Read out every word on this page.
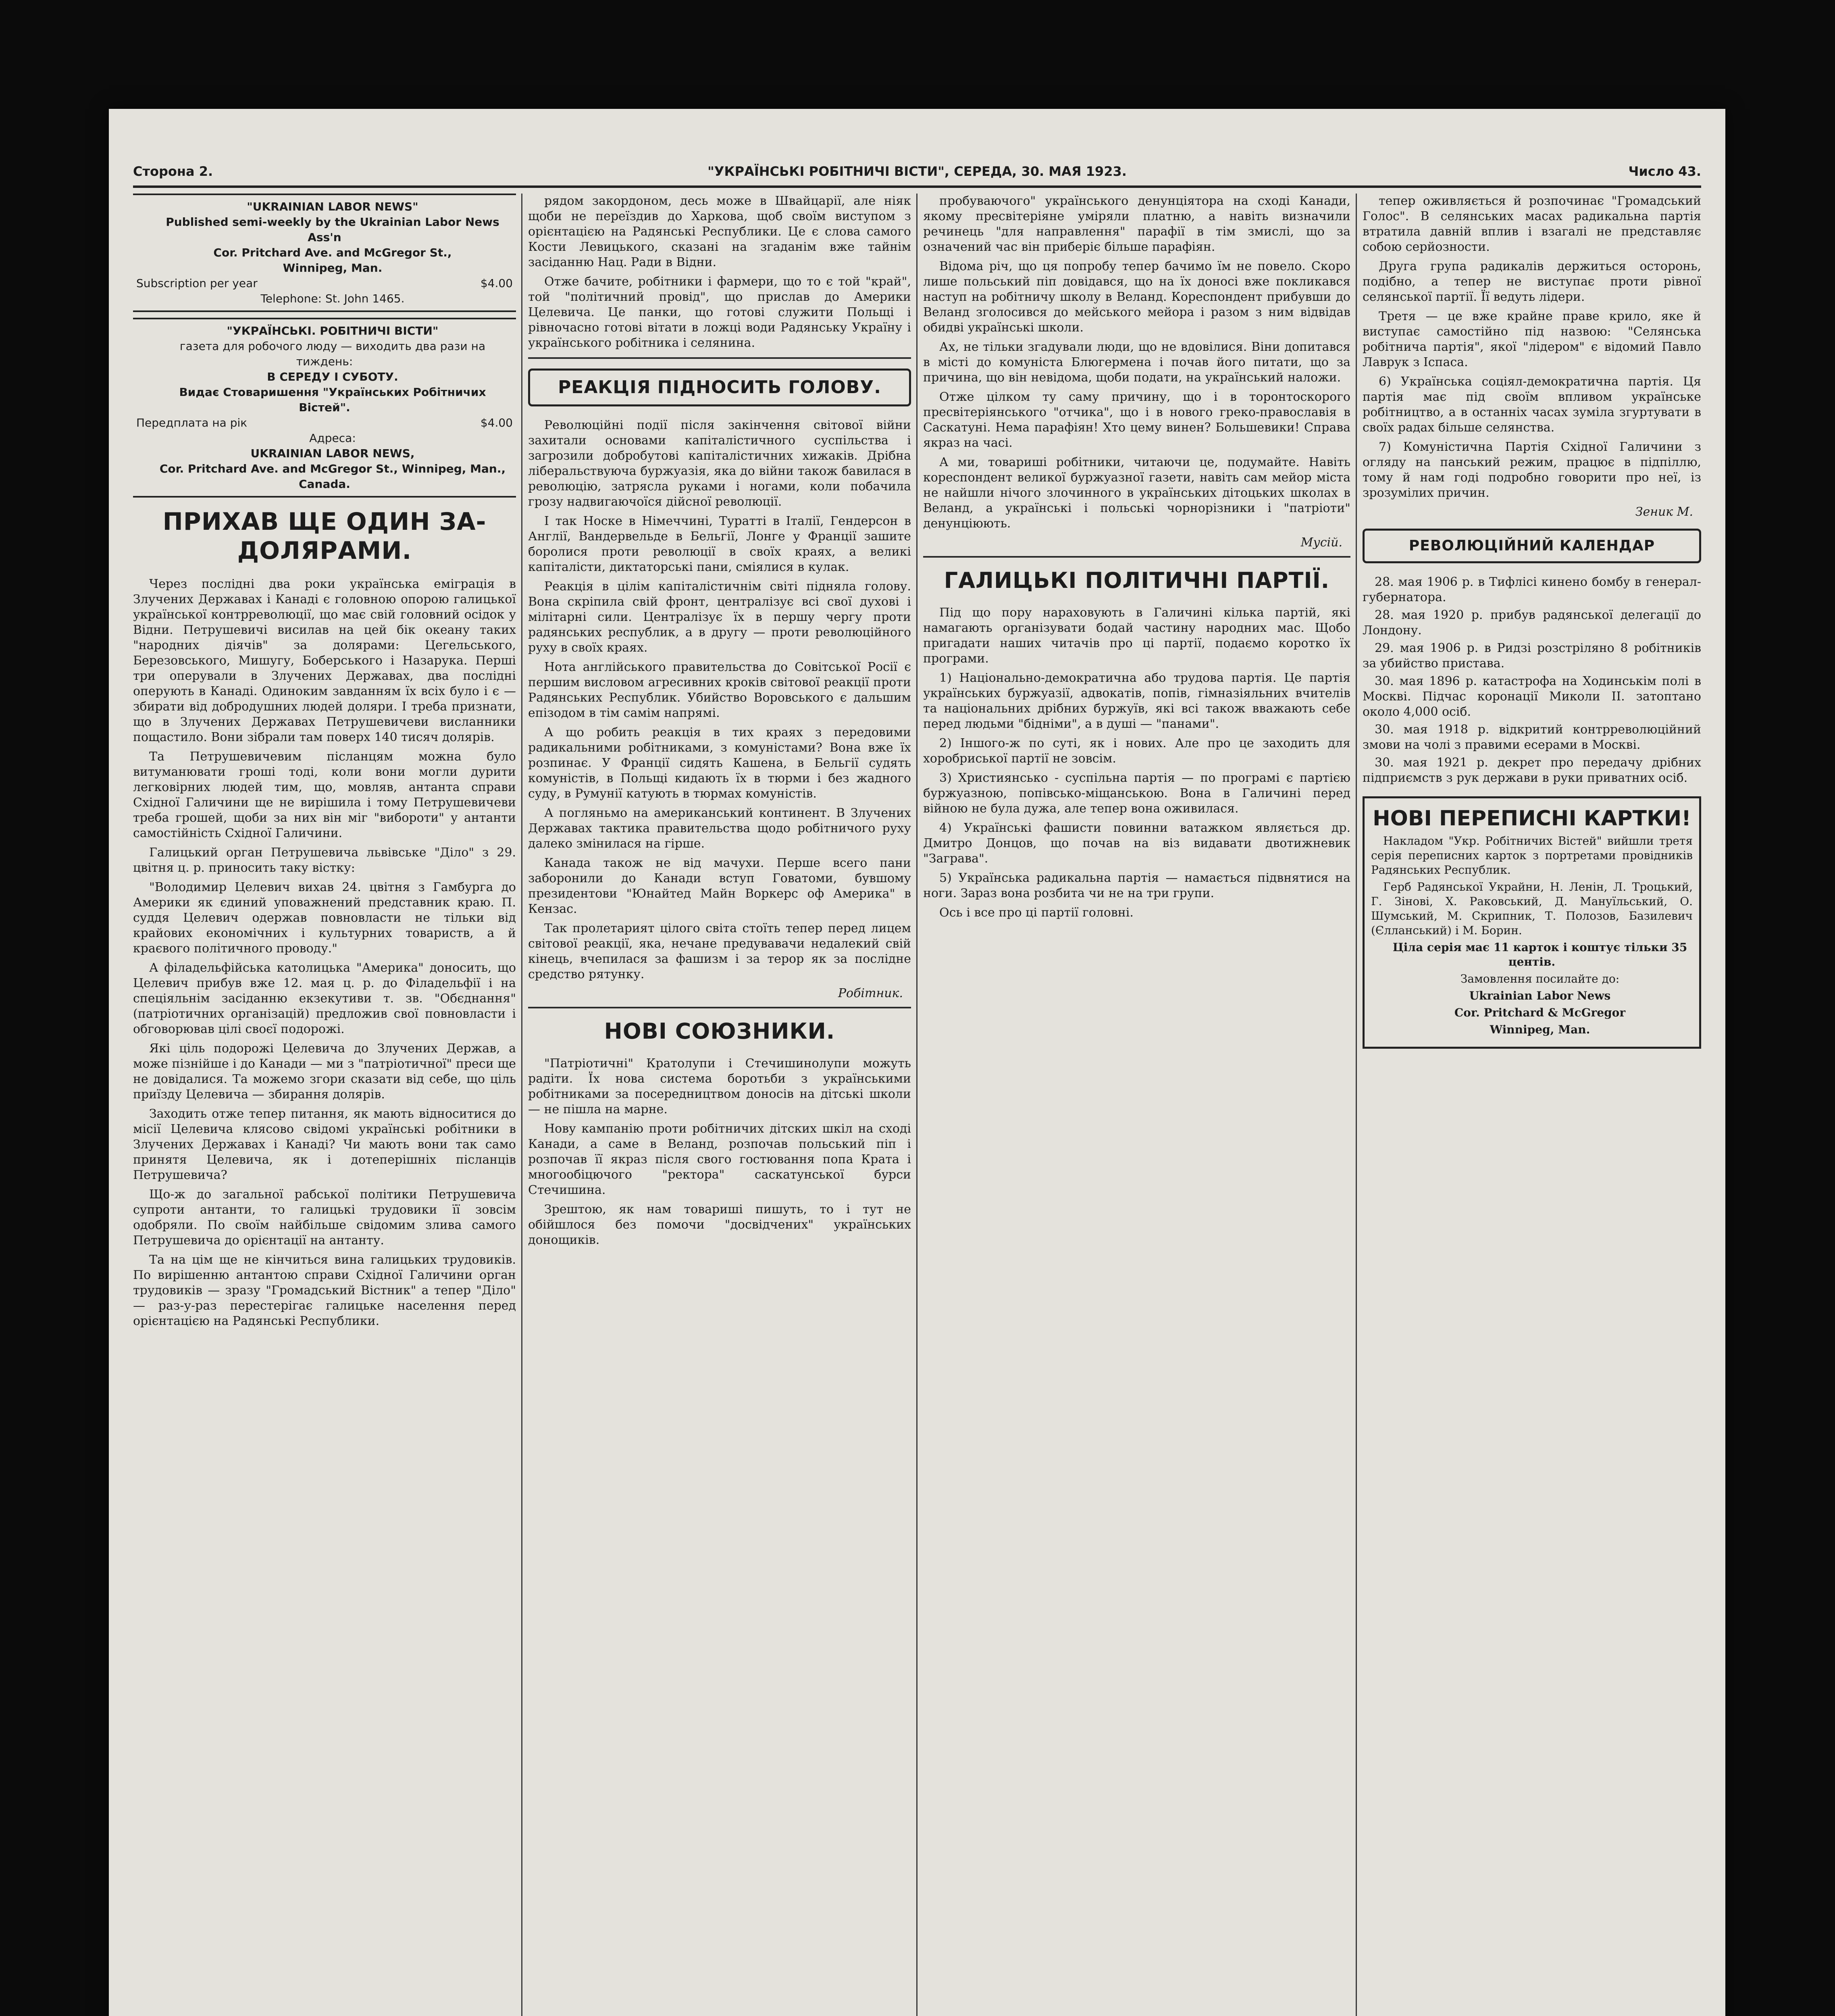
Сторона 2.	"УКРАЇНСЬКІ РОБІТНИЧІ ВІСТИ", СЕРЕДА, 30. МАЯ 1923.	Число 43.

"UKRAINIAN LABOR NEWS"

Published semi-weekly by the Ukrainian Labor News Ass'n

Cor. Pritchard Ave. and McGregor St.,

Winnipeg, Man.

Subscription per year	$4.00

Telephone: St. John 1465.

"УКРАЇНСЬКІ. РОБІТНИЧІ ВІСТИ"

газета для робочого люду — виходить два рази на тиждень:

В СЕРЕДУ І СУБОТУ.

Видає Стоваришення "Українських Робітничих Вістей".

Передплата на рік	$4.00

Адреса:

UKRAINIAN LABOR NEWS,

Cor. Pritchard Ave. and McGregor St., Winnipeg, Man., Canada.

ПРИХАВ ЩЕ ОДИН ЗА-ДОЛЯРАМИ.

Через послідні два роки українська еміграція в Злучених Державах і Канаді є головною опорою галицької української контрреволюції, що має свій головний осідок у Відни. Петрушевичі висилав на цей бік океану таких "народних діячів" за долярами: Цегельського, Березовського, Мишугу, Боберського і Назарука. Перші три оперували в Злучених Державах, два послідні оперують в Канаді. Одиноким завданням їх всіх було і є — збирати від добродушних людей доляри. І треба признати, що в Злучених Державах Петрушевичеви висланники пощастило. Вони зібрали там поверх 140 тисяч долярів.

Та Петрушевичевим післанцям можна було витуманювати гроші тоді, коли вони могли дурити легковірних людей тим, що, мовляв, антанта справи Східної Галичини ще не вирішила і тому Петрушевичеви треба грошей, щоби за них він міг "вибороти" у антанти самостійність Східної Галичини.

Галицький орган Петрушевича львівське "Діло" з 29. цвітня ц. р. приносить таку вістку:

"Володимир Целевич вихав 24. цвітня з Гамбурга до Америки як єдиний уповажнений представник краю. П. суддя Целевич одержав повновласти не тільки від крайових економічних і культурних товариств, а й краєвого політичного проводу."

А філадельфійська католицька "Америка" доносить, що Целевич прибув вже 12. мая ц. р. до Філадельфії і на спеціяльнім засіданню екзекутиви т. зв. "Обєднання" (патріотичних організацій) предложив свої повновласти і обговорював цілі своєї подорожі.

Які ціль подорожі Целевича до Злучених Держав, а може пізнійше і до Канади — ми з "патріотичної" преси ще не довідалися. Та можемо згори сказати від себе, що ціль приїзду Целевича — збирання долярів.

Заходить отже тепер питання, як мають відноситися до місії Целевича клясово свідомі українські робітники в Злучених Державах і Канаді? Чи мають вони так само принятя Целевича, як і дотеперішніх післанців Петрушевича?

Що-ж до загальної рабської політики Петрушевича супроти антанти, то галицькі трудовики її зовсім одобряли. По своїм найбільше свідомим злива самого Петрушевича до орієнтації на антанту.

Та на цім ще не кінчиться вина галицьких трудовиків. По вирішенню антантою справи Східної Галичини орган трудовиків — зразу "Громадський Вістник" а тепер "Діло" — раз-у-раз перестерігає галицьке населення перед орієнтацією на Радянські Республики.

рядом закордоном, десь може в Швайцарії, але ніяк щоби не переїздив до Харкова, щоб своїм виступом з орієнтацією на Радянські Республики. Це є слова самого Кости Левицького, сказані на згаданім вже тайнім засіданню Нац. Ради в Відни.

Отже бачите, робітники і фармери, що то є той "край", той "політичний провід", що прислав до Америки Целевича. Це панки, що готові служити Польщі і рівночасно готові вітати в ложці води Радянську Україну і українського робітника і селянина.

РЕАКЦІЯ ПІДНОСИТЬ ГОЛОВУ.

Революційні події після закінчення світової війни захитали основами капіталістичного суспільства і загрозили добробутові капіталістичних хижаків. Дрібна ліберальствуюча буржуазія, яка до війни також бавилася в революцію, затрясла руками і ногами, коли побачила грозу надвигаючоїся дійсної революції.

І так Носке в Німеччині, Туратті в Італії, Гендерсон в Англії, Вандервельде в Бельгії, Лонге у Франції зашите боролися проти революції в своїх краях, а великі капіталісти, диктаторські пани, сміялися в кулак.

Реакція в цілім капіталістичнім світі підняла голову. Вона скріпила свій фронт, централізує всі свої духові і мілітарні сили. Централізує їх в першу чергу проти радянських республик, а в другу — проти революційного руху в своїх краях.

Нота англійського правительства до Совітської Росії є першим висловом агресивних кроків світової реакції проти Радянських Республик. Убийство Воровського є дальшим епізодом в тім самім напрямі.

А що робить реакція в тих краях з передовими радикальними робітниками, з комуністами? Вона вже їх розпинає. У Франції сидять Кашена, в Бельгії судять комуністів, в Польщі кидають їх в тюрми і без жадного суду, в Румунії катують в тюрмах комуністів.

А погляньмо на американський континент. В Злучених Державах тактика правительства щодо робітничого руху далеко змінилася на гірше.

Канада також не від мачухи. Перше всего пани заборонили до Канади вступ Говатоми, бувшому президентови "Юнайтед Майн Воркерс оф Америка" в Кензас.

Так пролетарият цілого світа стоїть тепер перед лицем світової реакції, яка, нечане предувавачи недалекий свій кінець, вчепилася за фашизм і за терор як за послідне средство рятунку.

Робітник.
НОВІ СОЮЗНИКИ.

"Патріотичні" Кратолупи і Стечишинолупи можуть радіти. Їх нова система боротьби з українськими робітниками за посередництвом доносів на дітські школи — не пішла на марне.

Нову кампанію проти робітничих дітских шкіл на сході Канади, а саме в Веланд, розпочав польський піп і розпочав її якраз після свого гостювання попа Крата і многообіцючого "ректора" саскатунської бурси Стечишина.

Зрештою, як нам товариші пишуть, то і тут не обійшлося без помочи "досвідчених" українських донощиків.

пробуваючого" українського денунціятора на сході Канади, якому пресвітеріяне уміряли платню, а навіть визначили речинець "для направлення" парафії в тім змислі, що за означений час він приберіє більше парафіян.

Відома річ, що ця попробу тепер бачимо їм не повело. Скоро лише польський піп довідався, що на їх доносі вже покликався наступ на робітничу школу в Веланд. Кореспондент прибувши до Веланд зголосився до мейського мейора і разом з ним відвідав обидві українські школи.

Ах, не тільки згадували люди, що не вдовілися. Віни допитався в місті до комуніста Блюгермена і почав його питати, що за причина, що він невідома, щоби подати, на український наложи.

Отже цілком ту саму причину, що і в торонтоскорого пресвітеріянського "отчика", що і в нового греко-православія в Саскатуні. Нема парафіян! Хто цему винен? Большевики! Справа якраз на часі.

А ми, товариші робітники, читаючи це, подумайте. Навіть кореспондент великої буржуазної газети, навіть сам мейор міста не найшли нічого злочинного в українських дітоцьких школах в Веланд, а українські і польські чорнорізники і "патріоти" денунціюють.

Мусій.
ГАЛИЦЬКІ ПОЛІТИЧНІ ПАРТІЇ.

Під що пору нараховують в Галичині кілька партій, які намагають організувати бодай частину народних мас. Щобо пригадати наших читачів про ці партії, подаємо коротко їх програми.

1) Національно-демократична або трудова партія. Це партія українських буржуазії, адвокатів, попів, гімназіяльних вчителів та національних дрібних буржуїв, які всі також вважають себе перед людьми "бідніми", а в душі — "панами".

2) Іншого-ж по суті, як і нових. Але про це заходить для хоробриської партії не зовсім.

3) Християнсько - суспільна партія — по програмі є партією буржуазною, попівсько-міщанською. Вона в Галичині перед війною не була дужа, але тепер вона оживилася.

4) Українські фашисти повинни ватажком являється др. Дмитро Донцов, що почав на віз видавати двотижневик "Заграва".

5) Українська радикальна партія — намається підвнятися на ноги. Зараз вона розбита чи не на три групи.

Ось і все про ці партії головні.

тепер оживляється й розпочинає "Громадський Голос". В селянських масах радикальна партія втратила давній вплив і взагалі не представляє собою серйозности.

Друга група радикалів держиться осторонь, подібно, а тепер не виступає проти рівної селянської партії. Її ведуть лідери.

Третя — це вже крайне праве крило, яке й виступає самостійно під назвою: "Селянська робітнича партія", якої "лідером" є відомий Павло Лаврук з Іспаса.

6) Українська соціял-демократична партія. Ця партія має під своїм впливом українське робітництво, а в останніх часах зуміла згуртувати в своїх радах більше селянства.

7) Комуністична Партія Східної Галичини з огляду на панський режим, працює в підпіллю, тому й нам годі подробно говорити про неї, із зрозумілих причин.

Зеник М.
РЕВОЛЮЦІЙНИЙ КАЛЕНДАР

28. мая 1906 р. в Тифлісі кинено бомбу в генерал-губернатора.

28. мая 1920 р. прибув радянської делегації до Лондону.

29. мая 1906 р. в Ридзі розстріляно 8 робітників за убийство пристава.

30. мая 1896 р. катастрофа на Ходинськім полі в Москві. Підчас коронації Миколи II. затоптано около 4,000 осіб.

30. мая 1918 р. відкритий контрреволюційний змови на чолі з правими есерами в Москві.

30. мая 1921 р. декрет про передачу дрібних підприємств з рук держави в руки приватних осіб.

НОВІ ПЕРЕПИСНІ КАРТКИ!

Накладом "Укр. Робітничих Вістей" вийшли третя серія переписних карток з портретами провідників Радянських Республик.

Герб Радянської Украйни, Н. Ленін, Л. Троцький, Г. Зінові, Х. Раковський, Д. Мануїльський, О. Шумський, М. Скрипник, Т. Полозов, Базилевич (Єлланський) і М. Борин.

Ціла серія має 11 карток і коштує тільки 35 центів.

Замовлення посилайте до:

Ukrainian Labor News

Cor. Pritchard & McGregor

Winnipeg, Man.
